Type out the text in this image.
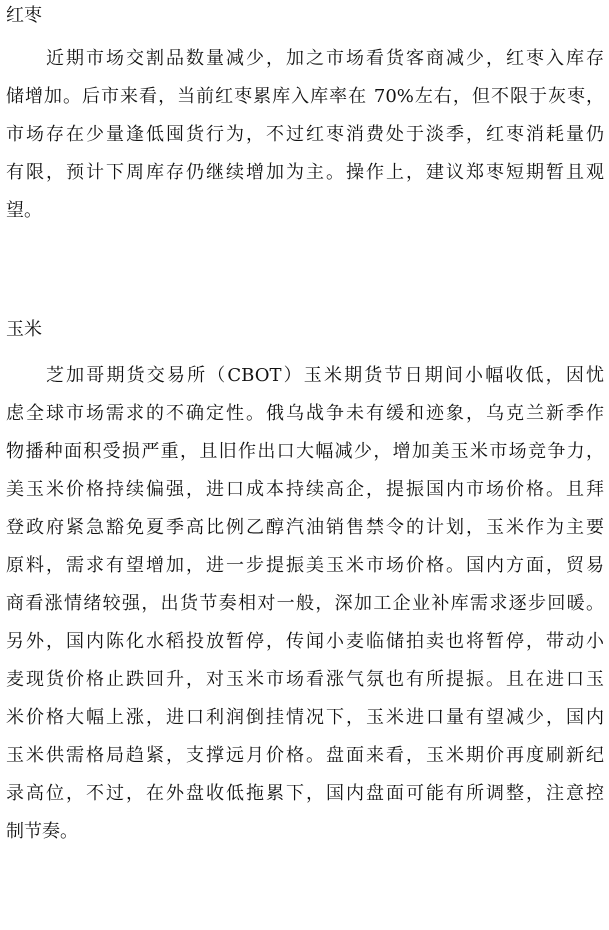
红枣
近期市场交割品数量减少，加之市场看货客商减少，红枣入库存
储增加。后市来看，当前红枣累库入库率在 70%左右，但不限于灰枣，
市场存在少量逢低囤货行为，不过红枣消费处于淡季，红枣消耗量仍
有限，预计下周库存仍继续增加为主。操作上，建议郑枣短期暂且观
望。
玉米
芝加哥期货交易所（CBOT）玉米期货节日期间小幅收低，因忧
虑全球市场需求的不确定性。俄乌战争未有缓和迹象，乌克兰新季作
物播种面积受损严重，且旧作出口大幅减少，增加美玉米市场竞争力，
美玉米价格持续偏强，进口成本持续高企，提振国内市场价格。且拜
登政府紧急豁免夏季高比例乙醇汽油销售禁令的计划，玉米作为主要
原料，需求有望增加，进一步提振美玉米市场价格。国内方面，贸易
商看涨情绪较强，出货节奏相对一般，深加工企业补库需求逐步回暖。
另外，国内陈化水稻投放暂停，传闻小麦临储拍卖也将暂停，带动小
麦现货价格止跌回升，对玉米市场看涨气氛也有所提振。且在进口玉
米价格大幅上涨，进口利润倒挂情况下，玉米进口量有望减少，国内
玉米供需格局趋紧，支撑远月价格。盘面来看，玉米期价再度刷新纪
录高位，不过，在外盘收低拖累下，国内盘面可能有所调整，注意控
制节奏。
